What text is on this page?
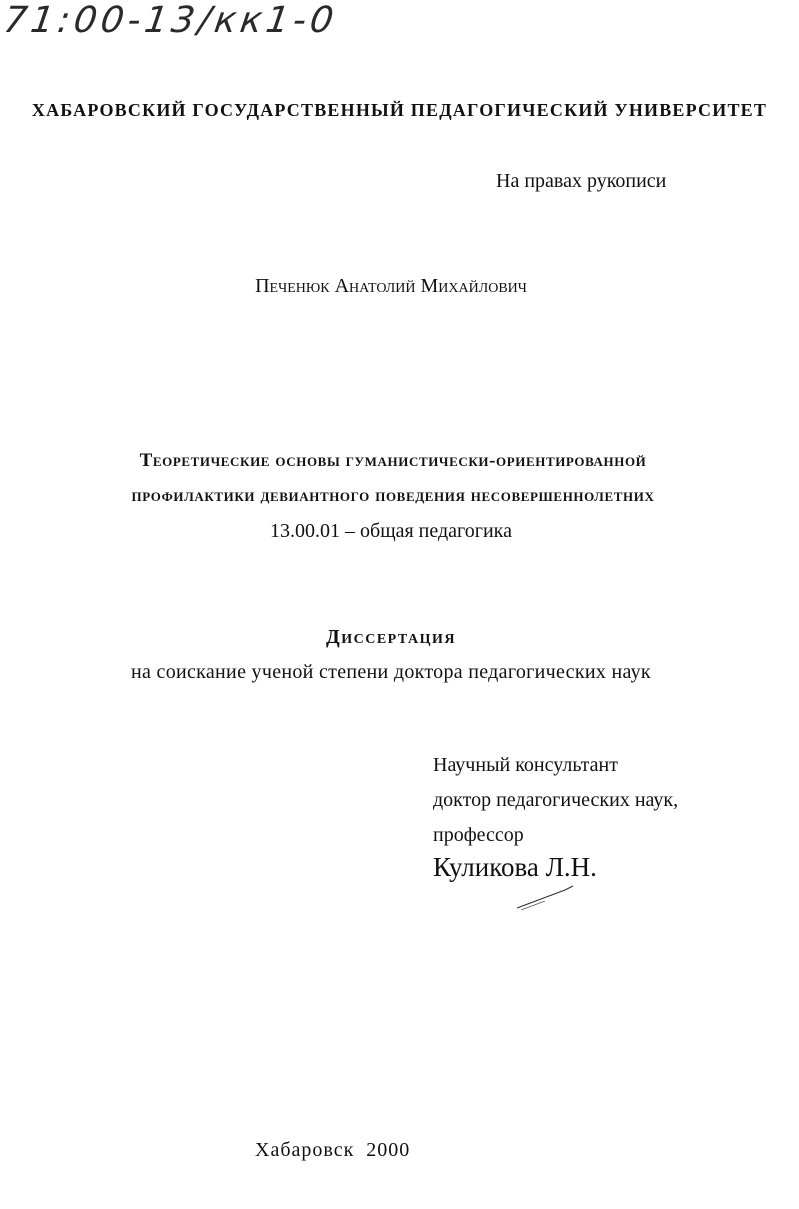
71:00-13/кк1-0
ХАБАРОВСКИЙ ГОСУДАРСТВЕННЫЙ ПЕДАГОГИЧЕСКИЙ УНИВЕРСИТЕТ
На правах рукописи
Печенюк Анатолий Михайлович
Теоретические основы гуманистически-ориентированной
профилактики девиантного поведения несовершеннолетних
13.00.01 – общая педагогика
Диссертация
на соискание ученой степени доктора педагогических наук
Научный консультант
доктор педагогических наук,
профессор
Куликова Л.Н.
Хабаровск  2000
